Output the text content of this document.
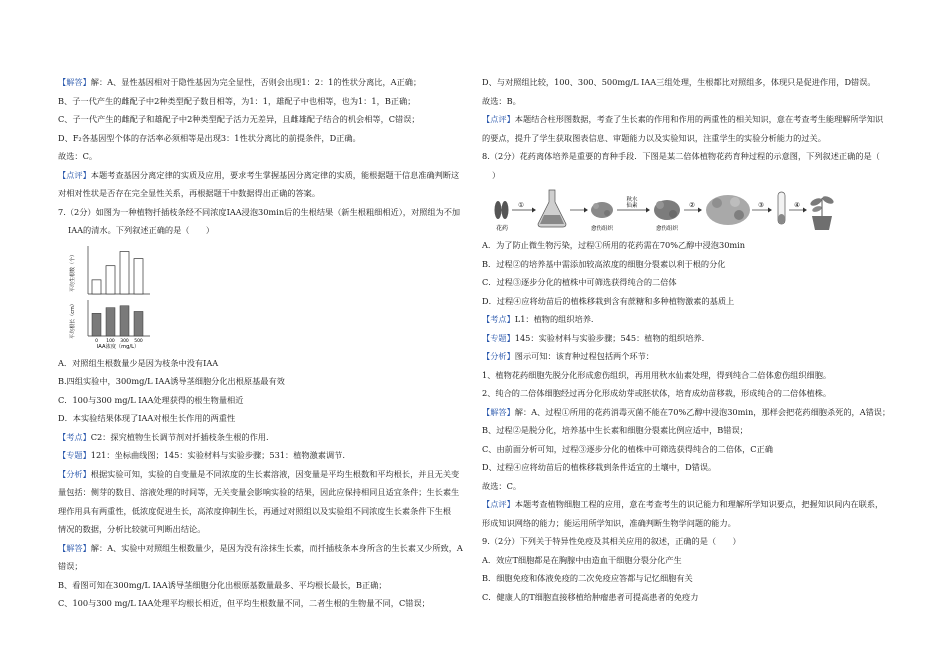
【解答】解：A、显性基因相对于隐性基因为完全显性，否则会出现1：2：1的性状分离比，A正确；
B、子一代产生的雌配子中2种类型配子数目相等，为1：1，雄配子中也相等，也为1：1，B正确；
C、子一代产生的雌配子和雄配子中2种类型配子活力无差异，且雌雄配子结合的机会相等，C错误；
D、F₂各基因型个体的存活率必须相等是出现3：1性状分离比的前提条件，D正确。
故选：C。
【点评】本题考查基因分离定律的实质及应用，要求考生掌握基因分离定律的实质，能根据题干信息准确判断这
对相对性状是否存在完全显性关系，再根据题干中数据得出正确的答案。
7.（2分）如图为一种植物扦插枝条经不同浓度IAA浸泡30min后的生根结果（新生根粗细相近），对照组为不加
IAA的清水。下列叙述正确的是（　　）
平均生根数（个）
平均根长（cm）
0 100 300 500
IAA浓度（mg/L）
A．对照组生根数量少是因为枝条中没有IAA
B.四组实验中，300mg/L IAA诱导茎细胞分化出根原基最有效
C．100与300 mg/L IAA处理获得的根生物量相近
D．本实验结果体现了IAA对根生长作用的两重性
【考点】C2：探究植物生长调节剂对扦插枝条生根的作用.
【专题】121：坐标曲线图；145：实验材料与实验步骤；531：植物激素调节.
【分析】根据实验可知，实验的自变量是不同浓度的生长素溶液，因变量是平均生根数和平均根长，并且无关变
量包括：侧芽的数目、溶液处理的时间等，无关变量会影响实验的结果，因此应保持相同且适宜条件；生长素生
理作用具有两重性，低浓度促进生长，高浓度抑制生长，再通过对照组以及实验组不同浓度生长素条件下生根
情况的数据，分析比较就可判断出结论。
【解答】解：A、实验中对照组生根数量少，是因为没有涂抹生长素，而扦插枝条本身所含的生长素又少所致，A
错误；
B、看图可知在300mg/L IAA诱导茎细胞分化出根原基数量最多、平均根长最长，B正确；
C、100与300 mg/L IAA处理平均根长相近，但平均生根数量不同，二者生根的生物量不同，C错误；
D、与对照组比较，100、300、500mg/L IAA三组处理，生根都比对照组多，体现只是促进作用，D错误。
故选：B。
【点评】本题结合柱形图数据，考查了生长素的作用和作用的两重性的相关知识，意在考查考生能理解所学知识
的要点，提升了学生获取图表信息、审题能力以及实验知识，注重学生的实验分析能力的过关。
8.（2分）花药离体培养是重要的育种手段．下图是某二倍体植物花药育种过程的示意图，下列叙述正确的是（
）
花药
①
愈伤组织
秋水
仙素
愈伤组织
②	③	④
A．为了防止微生物污染，过程①所用的花药需在70%乙醇中浸泡30min
B．过程②的培养基中需添加较高浓度的细胞分裂素以利于根的分化
C．过程③逐步分化的植株中可筛选获得纯合的二倍体
D．过程④应将幼苗后的植株移栽到含有蔗糖和多种植物激素的基质上
【考点】L1：植物的组织培养.
【专题】145：实验材料与实验步骤；545：植物的组织培养.
【分析】图示可知：该育种过程包括两个环节：
1、植物花药细胞先脱分化形成愈伤组织，再用用秋水仙素处理，得到纯合二倍体愈伤组织细胞。
2、纯合的二倍体细胞经过再分化形成幼芽或胚状体，培育成幼苗移栽，形成纯合的二倍体植株。
【解答】解：A、过程①所用的花药消毒灭菌不能在70%乙醇中浸泡30min，那样会把花药细胞杀死的，A错误；
B、过程②是脱分化，培养基中生长素和细胞分裂素比例应适中，B错误；
C、由前面分析可知，过程③逐步分化的植株中可筛选获得纯合的二倍体，C正确
D、过程④应将幼苗后的植株移栽到条件适宜的土壤中，D错误。
故选：C。
【点评】本题考查植物细胞工程的应用，意在考查考生的识记能力和理解所学知识要点，把握知识间内在联系，
形成知识网络的能力；能运用所学知识，准确判断生物学问题的能力。
9.（2分）下列关于特异性免疫及其相关应用的叙述，正确的是（　　）
A．效应T细胞都是在胸腺中由造血干细胞分裂分化产生
B．细胞免疫和体液免疫的二次免疫应答都与记忆细胞有关
C．健康人的T细胞直接移植给肿瘤患者可提高患者的免疫力
